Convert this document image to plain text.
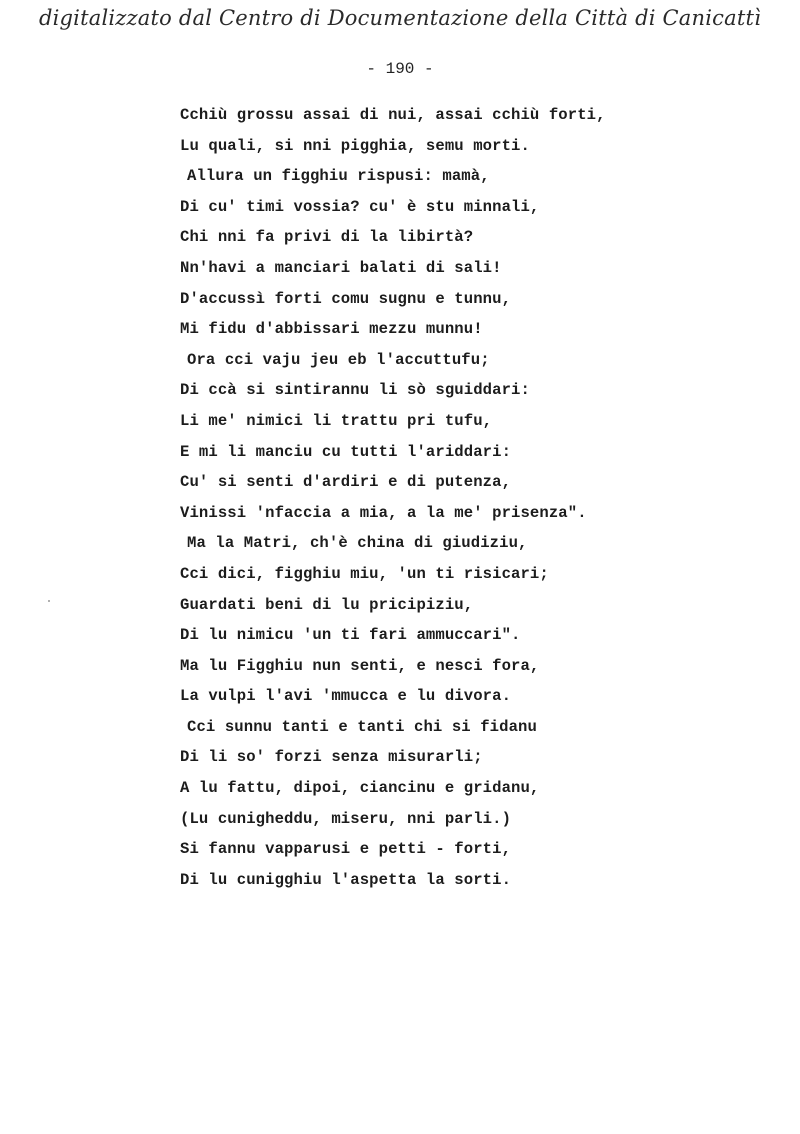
digitalizzato dal Centro di Documentazione della Città di Canicattì
- 190 -
Cchiù grossu assai di nui, assai cchiù forti,
Lu quali, si nni pigghia, semu morti.
Allura un figghiu rispusi: mamà,
Di cu' timi vossia? cu' è stu minnali,
Chi nni fa privi di la libirtà?
Nn'havi a manciari balati di sali!
D'accussì forti comu sugnu e tunnu,
Mi fidu d'abbissari mezzu munnu!
Ora cci vaju jeu eb l'accuttufu;
Di ccà si sintirannu li sò sguiddari:
Li me' nimici li trattu pri tufu,
E mi li manciu cu tutti l'ariddari:
Cu' si senti d'ardiri e di putenza,
Vinissi 'nfaccia a mia, a la me' prisenza".
Ma la Matri, ch'è china di giudiziu,
Cci dici, figghiu miu, 'un ti risicari;
Guardati beni di lu pricipiziu,
Di lu nimicu 'un ti fari ammuccari".
Ma lu Figghiu nun senti, e nesci fora,
La vulpi l'avi 'mmucca e lu divora.
Cci sunnu tanti e tanti chi si fidanu
Di li so' forzi senza misurarli;
A lu fattu, dipoi, ciancinu e gridanu,
(Lu cunigheddu, miseru, nni parli.)
Si fannu vapparusi e petti - forti,
Di lu cunigghiu l'aspetta la sorti.
